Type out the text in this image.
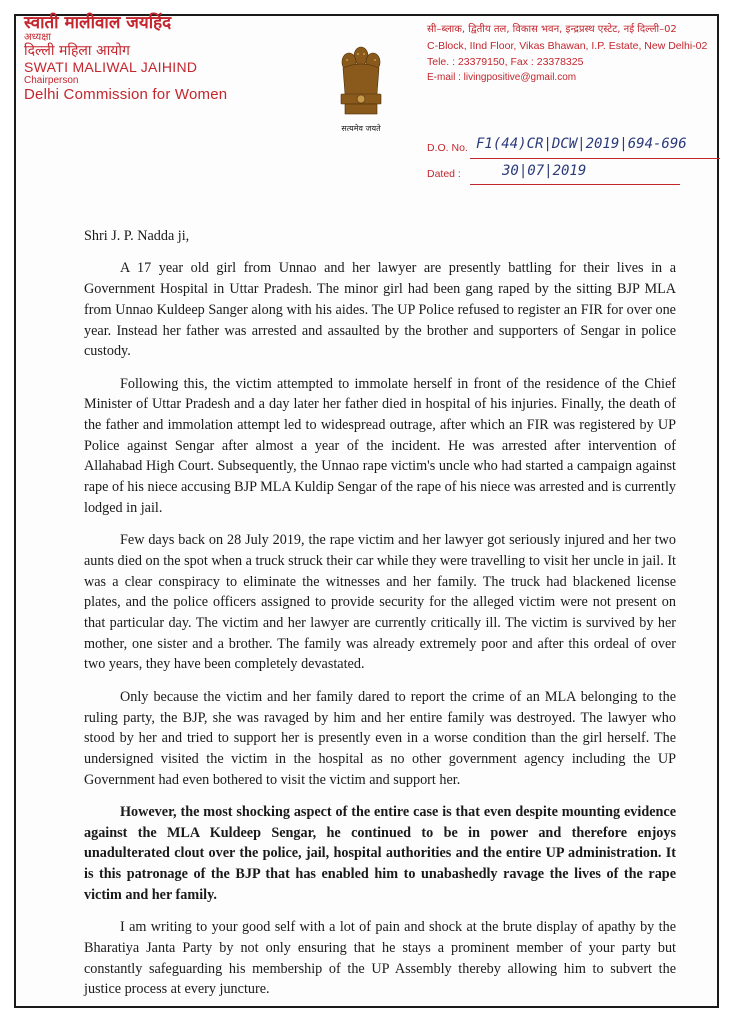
स्वाती मालीवाल जयहिंद

अध्यक्षा

दिल्ली महिला आयोग

SWATI MALIWAL JAIHIND

Chairperson

Delhi Commission for Women

सत्यमेव जयते

सी–ब्लाक, द्वितीय तल, विकास भवन, इन्द्रप्रस्थ एस्टेट, नई दिल्ली–02

C-Block, IInd Floor, Vikas Bhawan, I.P. Estate, New Delhi-02

Tele. : 23379150, Fax : 23378325

E-mail : livingpositive@gmail.com

D.O. No. F1(44)CR|DCW|2019|694-696
Dated :	30|07|2019

Shri J. P. Nadda ji,

A 17 year old girl from Unnao and her lawyer are presently battling for their lives in a Government Hospital in Uttar Pradesh. The minor girl had been gang raped by the sitting BJP MLA from Unnao Kuldeep Sanger along with his aides. The UP Police refused to register an FIR for over one year. Instead her father was arrested and assaulted by the brother and supporters of Sengar in police custody.

Following this, the victim attempted to immolate herself in front of the residence of the Chief Minister of Uttar Pradesh and a day later her father died in hospital of his injuries. Finally, the death of the father and immolation attempt led to widespread outrage, after which an FIR was registered by UP Police against Sengar after almost a year of the incident. He was arrested after intervention of Allahabad High Court. Subsequently, the Unnao rape victim's uncle who had started a campaign against rape of his niece accusing BJP MLA Kuldip Sengar of the rape of his niece was arrested and is currently lodged in jail.

Few days back on 28 July 2019, the rape victim and her lawyer got seriously injured and her two aunts died on the spot when a truck struck their car while they were travelling to visit her uncle in jail. It was a clear conspiracy to eliminate the witnesses and her family. The truck had blackened license plates, and the police officers assigned to provide security for the alleged victim were not present on that particular day. The victim and her lawyer are currently critically ill. The victim is survived by her mother, one sister and a brother. The family was already extremely poor and after this ordeal of over two years, they have been completely devastated.

Only because the victim and her family dared to report the crime of an MLA belonging to the ruling party, the BJP, she was ravaged by him and her entire family was destroyed. The lawyer who stood by her and tried to support her is presently even in a worse condition than the girl herself. The undersigned visited the victim in the hospital as no other government agency including the UP Government had even bothered to visit the victim and support her.

However, the most shocking aspect of the entire case is that even despite mounting evidence against the MLA Kuldeep Sengar, he continued to be in power and therefore enjoys unadulterated clout over the police, jail, hospital authorities and the entire UP administration. It is this patronage of the BJP that has enabled him to unabashedly ravage the lives of the rape victim and her family.

I am writing to your good self with a lot of pain and shock at the brute display of apathy by the Bharatiya Janta Party by not only ensuring that he stays a prominent member of your party but constantly safeguarding his membership of the UP Assembly thereby allowing him to subvert the justice process at every juncture.
